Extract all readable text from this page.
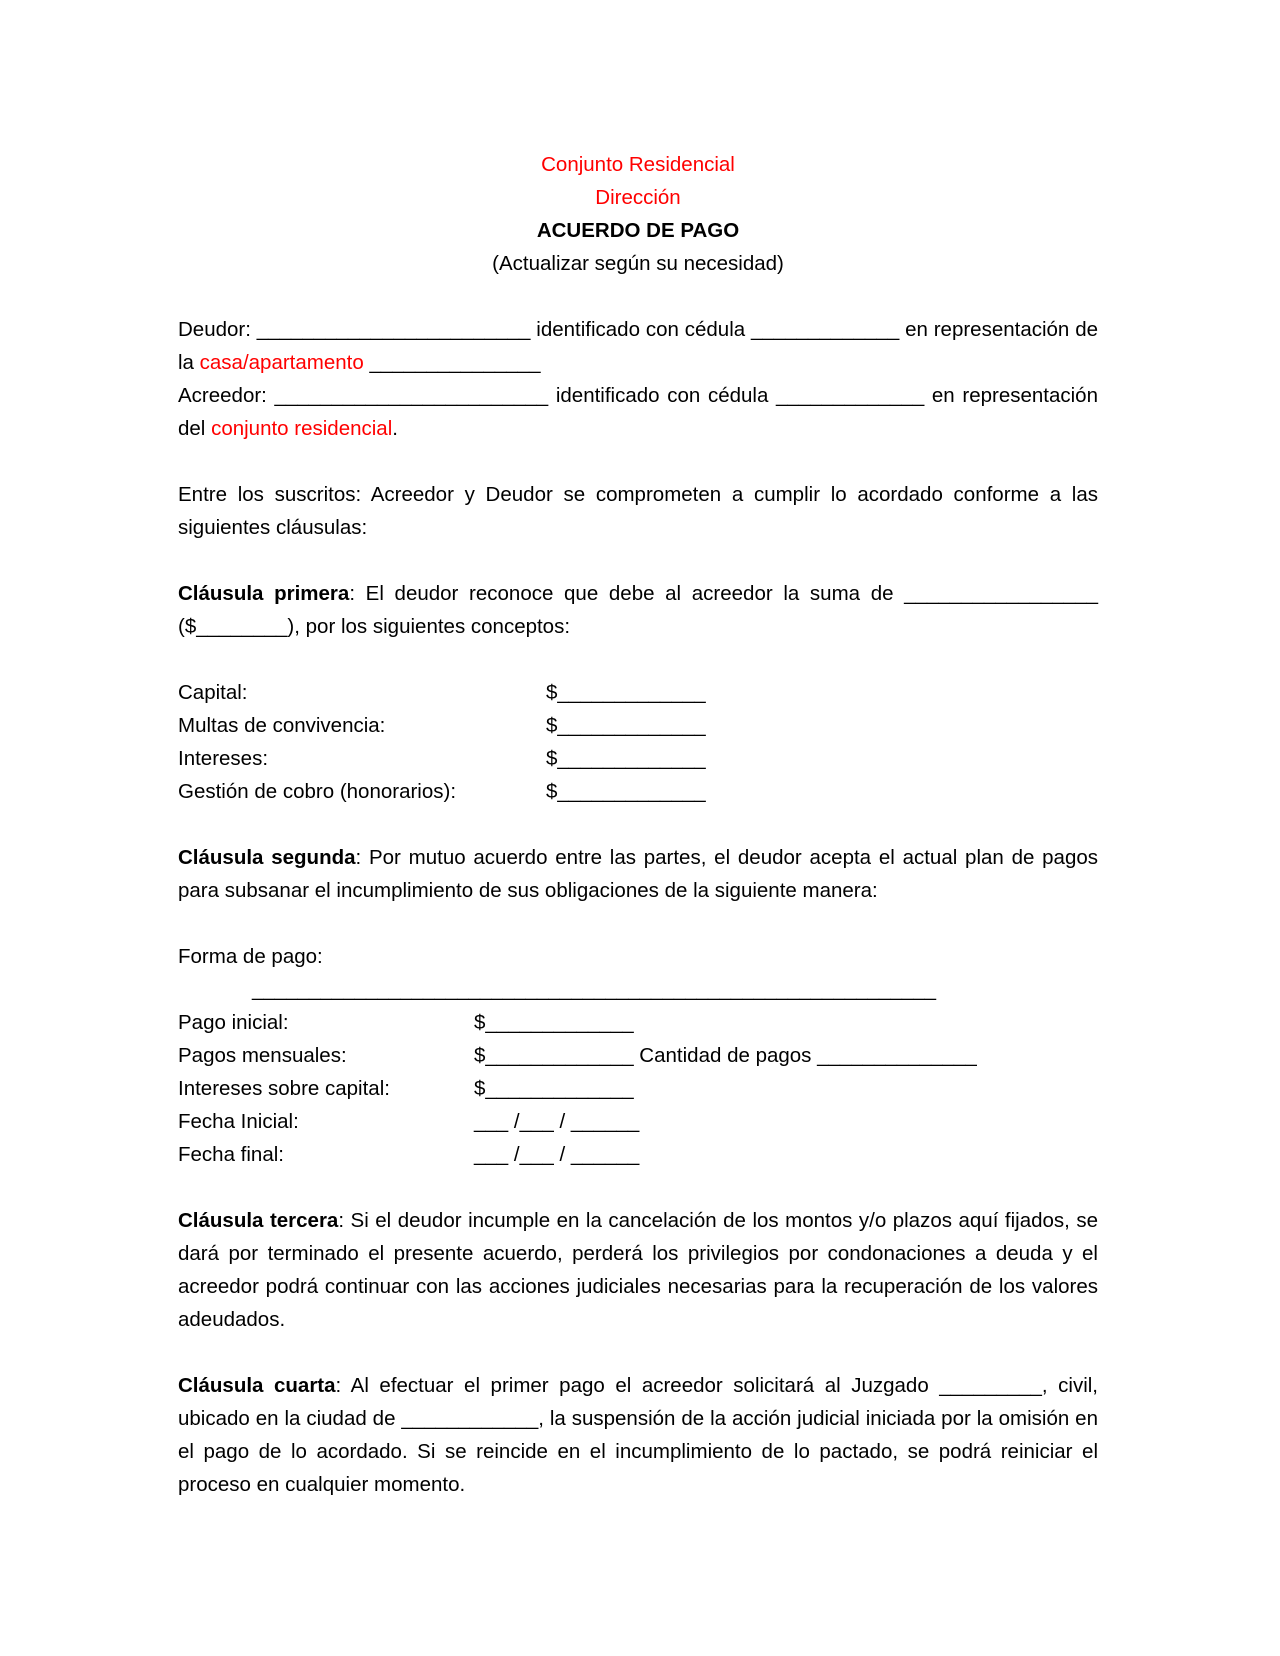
Conjunto Residencial
Dirección
ACUERDO DE PAGO
(Actualizar según su necesidad)

Deudor: ________________________ identificado con cédula _____________ en representación de la casa/apartamento _______________

Acreedor: ________________________ identificado con cédula _____________ en representación del conjunto residencial.

Entre los suscritos: Acreedor y Deudor se comprometen a cumplir lo acordado conforme a las siguientes cláusulas:

Cláusula primera: El deudor reconoce que debe al acreedor la suma de _________________ ($________), por los siguientes conceptos:

Capital:	$_____________
Multas de convivencia:	$_____________
Intereses:	$_____________
Gestión de cobro (honorarios):	$_____________

Cláusula segunda: Por mutuo acuerdo entre las partes, el deudor acepta el actual plan de pagos para subsanar el incumplimiento de sus obligaciones de la siguiente manera:

Forma de pago:
____________________________________________________________
Pago inicial:	$_____________
Pagos mensuales:	$_____________ Cantidad de pagos ______________
Intereses sobre capital:	$_____________
Fecha Inicial:	___ /___ / ______
Fecha final:	___ /___ / ______

Cláusula tercera: Si el deudor incumple en la cancelación de los montos y/o plazos aquí fijados, se dará por terminado el presente acuerdo, perderá los privilegios por condonaciones a deuda y el acreedor podrá continuar con las acciones judiciales necesarias para la recuperación de los valores adeudados.

Cláusula cuarta: Al efectuar el primer pago el acreedor solicitará al Juzgado _________, civil, ubicado en la ciudad de ____________, la suspensión de la acción judicial iniciada por la omisión en el pago de lo acordado. Si se reincide en el incumplimiento de lo pactado, se podrá reiniciar el proceso en cualquier momento.
